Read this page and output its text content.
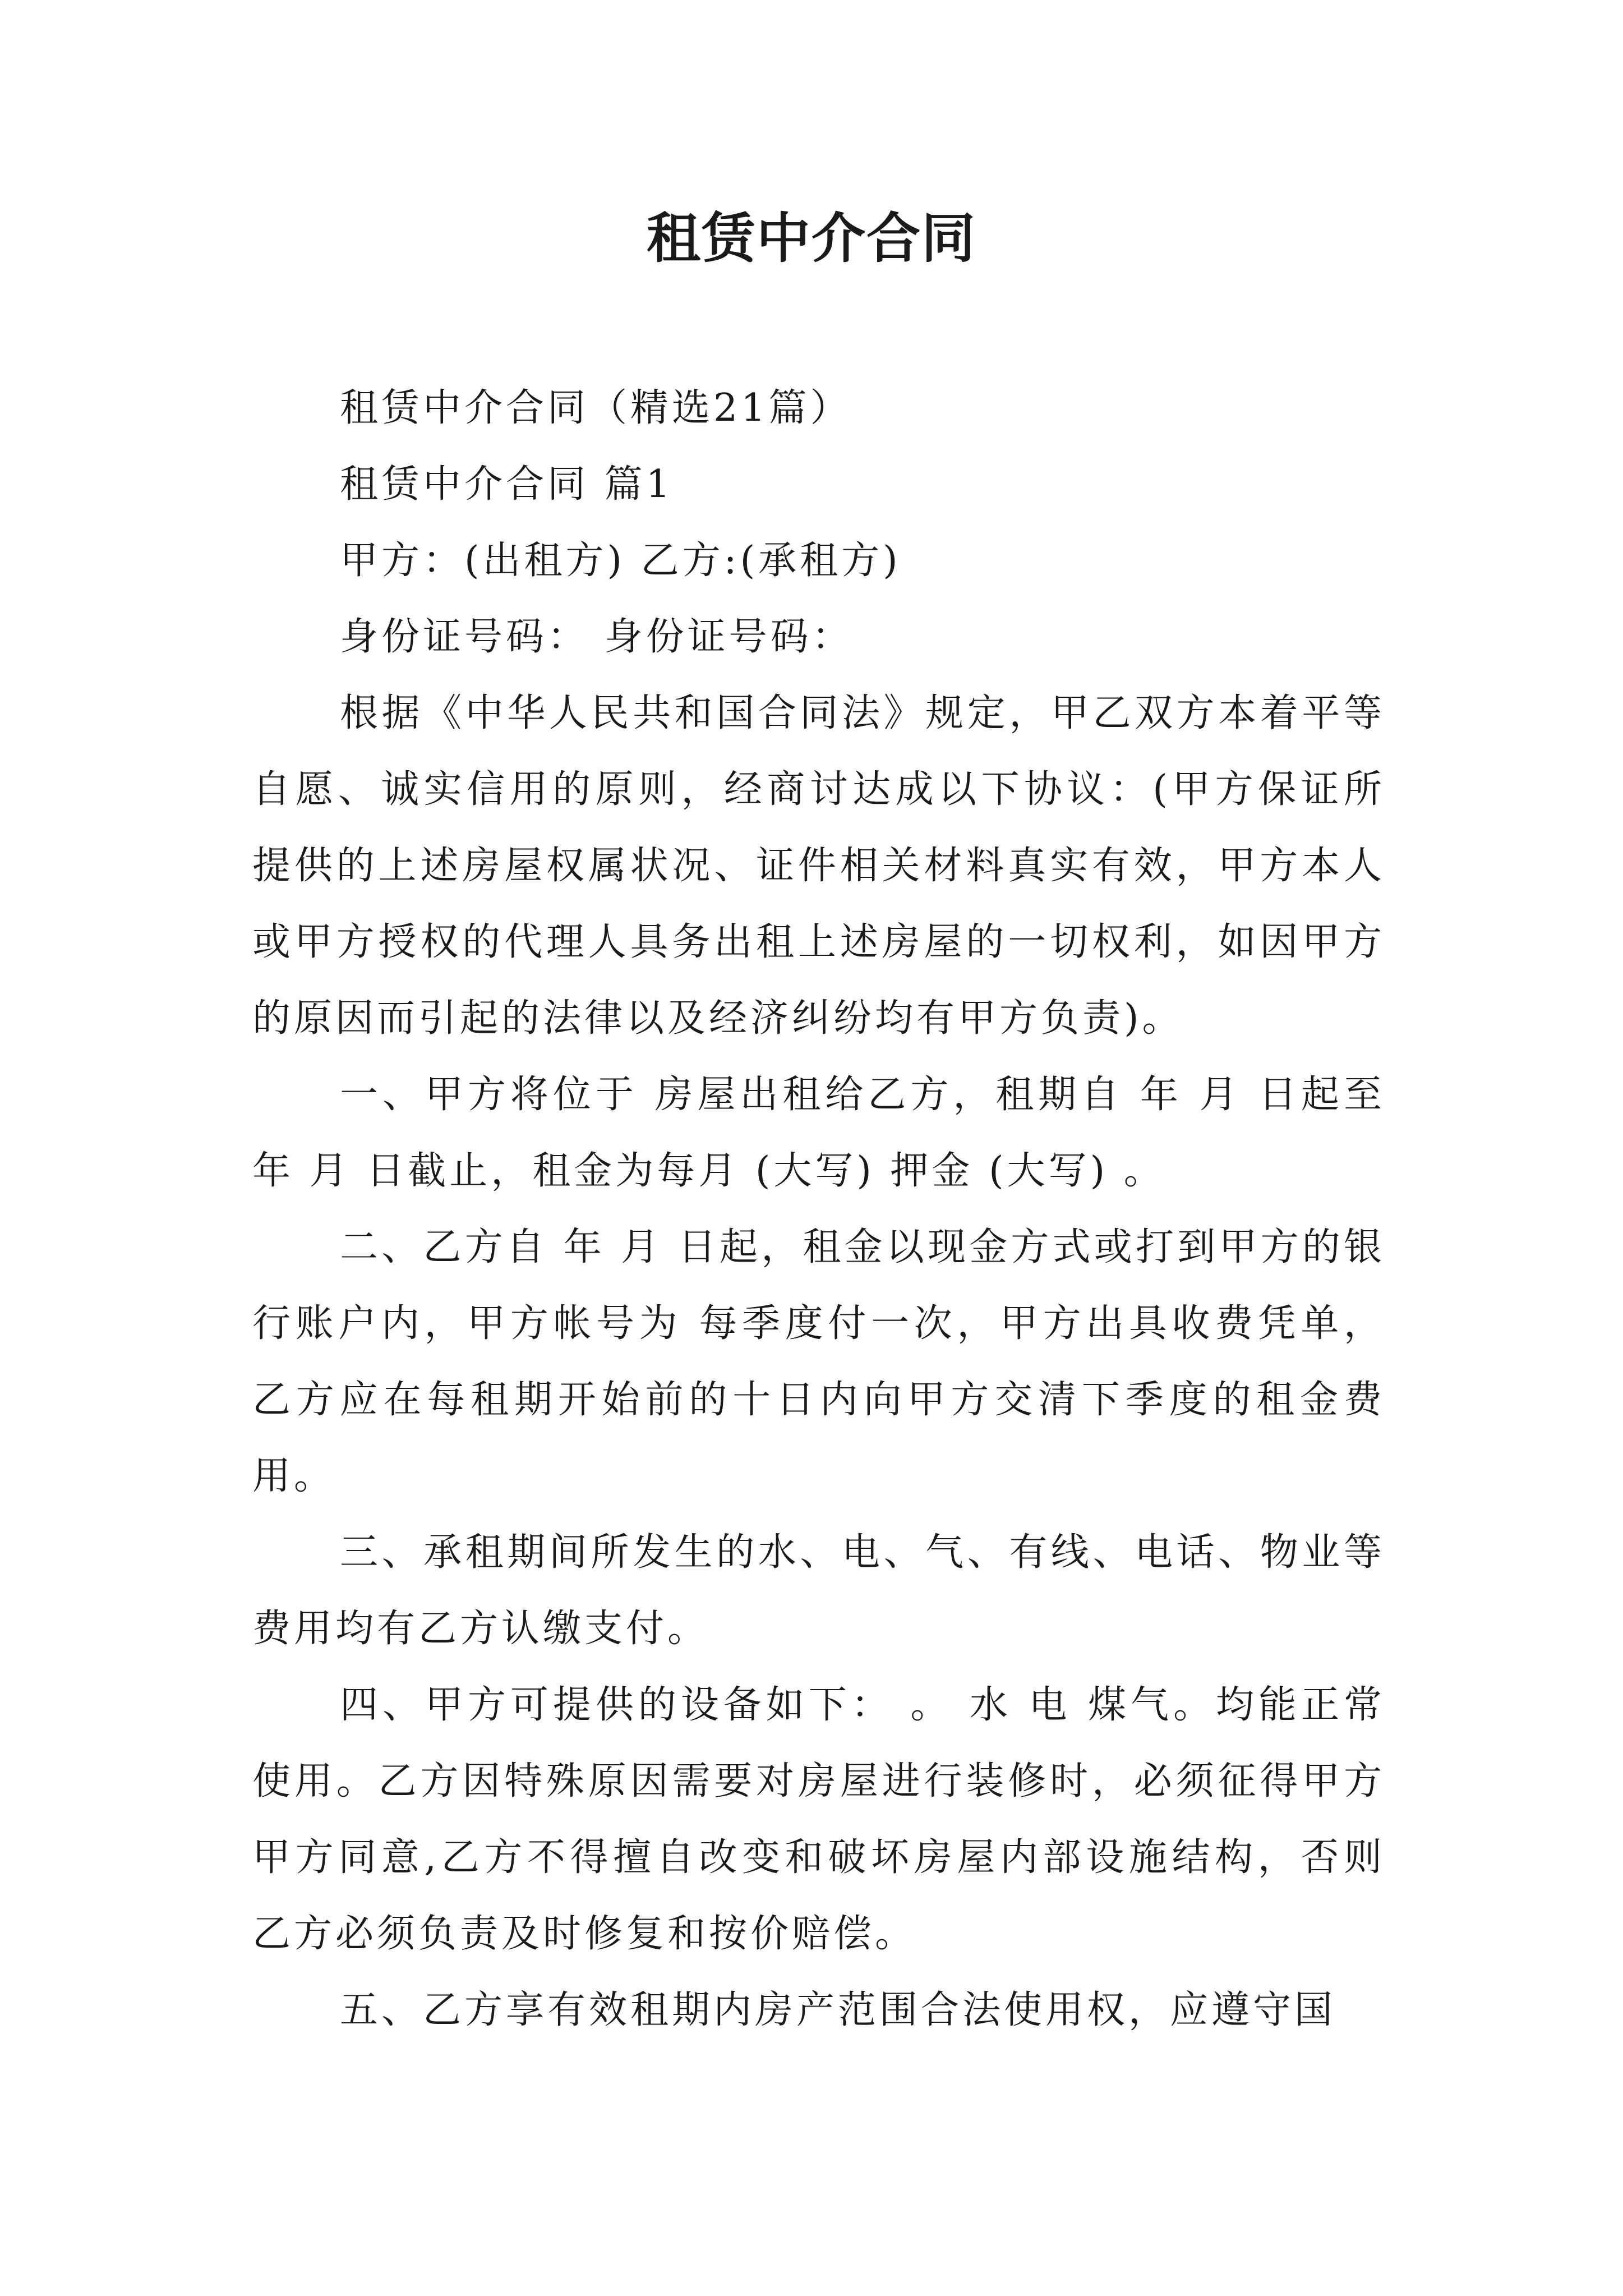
租赁中介合同

租赁中介合同（精选21篇）

租赁中介合同 篇1

甲方：(出租方) 乙方:(承租方)

身份证号码： 身份证号码：

根据《中华人民共和国合同法》规定，甲乙双方本着平等自愿、诚实信用的原则，经商讨达成以下协议：(甲方保证所提供的上述房屋权属状况、证件相关材料真实有效，甲方本人或甲方授权的代理人具务出租上述房屋的一切权利，如因甲方的原因而引起的法律以及经济纠纷均有甲方负责)。

一、甲方将位于 房屋出租给乙方，租期自 年 月 日起至 年 月 日截止，租金为每月 (大写) 押金 (大写) 。

二、乙方自 年 月 日起，租金以现金方式或打到甲方的银行账户内，甲方帐号为 每季度付一次，甲方出具收费凭单，乙方应在每租期开始前的十日内向甲方交清下季度的租金费用。

三、承租期间所发生的水、电、气、有线、电话、物业等费用均有乙方认缴支付。

四、甲方可提供的设备如下： 。 水 电 煤气。均能正常使用。乙方因特殊原因需要对房屋进行装修时，必须征得甲方甲方同意,乙方不得擅自改变和破坏房屋内部设施结构，否则乙方必须负责及时修复和按价赔偿。

五、乙方享有效租期内房产范围合法使用权，应遵守国
